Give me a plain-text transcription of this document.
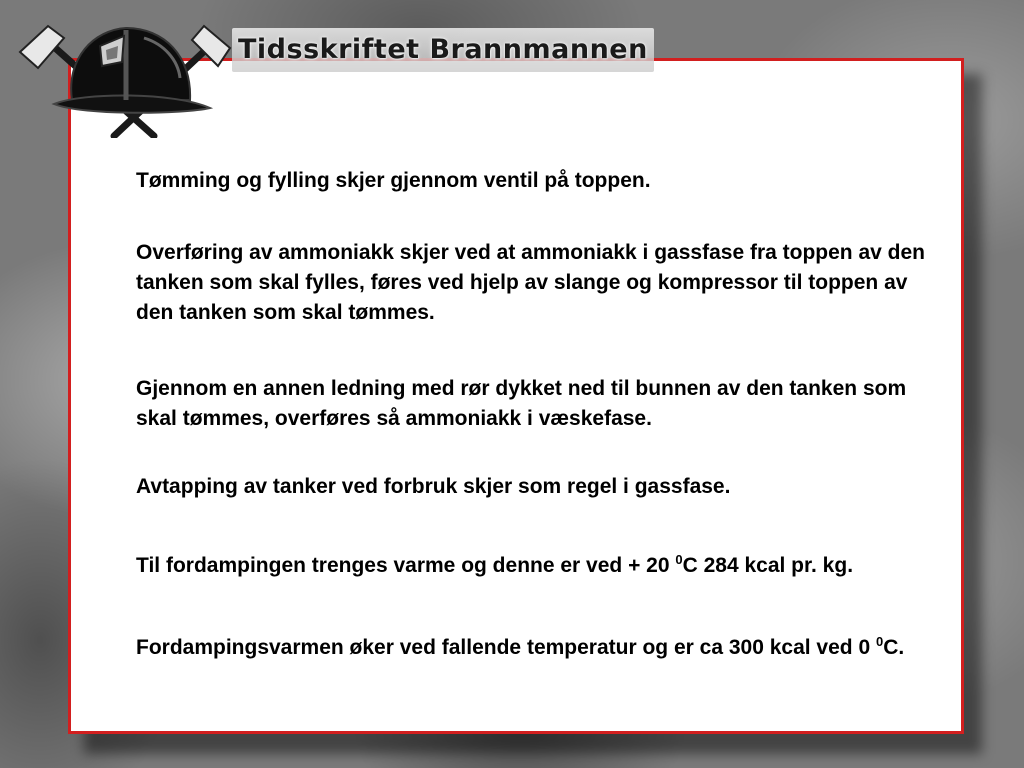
Tidsskriftet Brannmannen

Tømming og fylling skjer gjennom ventil på toppen.

Overføring av ammoniakk skjer ved at ammoniakk i gassfase fra toppen av den tanken som skal fylles, føres ved hjelp av slange og kompressor til toppen av den tanken som skal tømmes.

Gjennom en annen ledning med rør dykket ned til bunnen av den tanken som skal tømmes, overføres så ammoniakk i væskefase.

Avtapping av tanker ved forbruk skjer som regel i gassfase.

Til fordampingen trenges varme og denne er ved + 20 $^0$C 284 kcal pr. kg.

Fordampingsvarmen øker ved fallende temperatur og er ca 300 kcal ved 0 $^0$C.
